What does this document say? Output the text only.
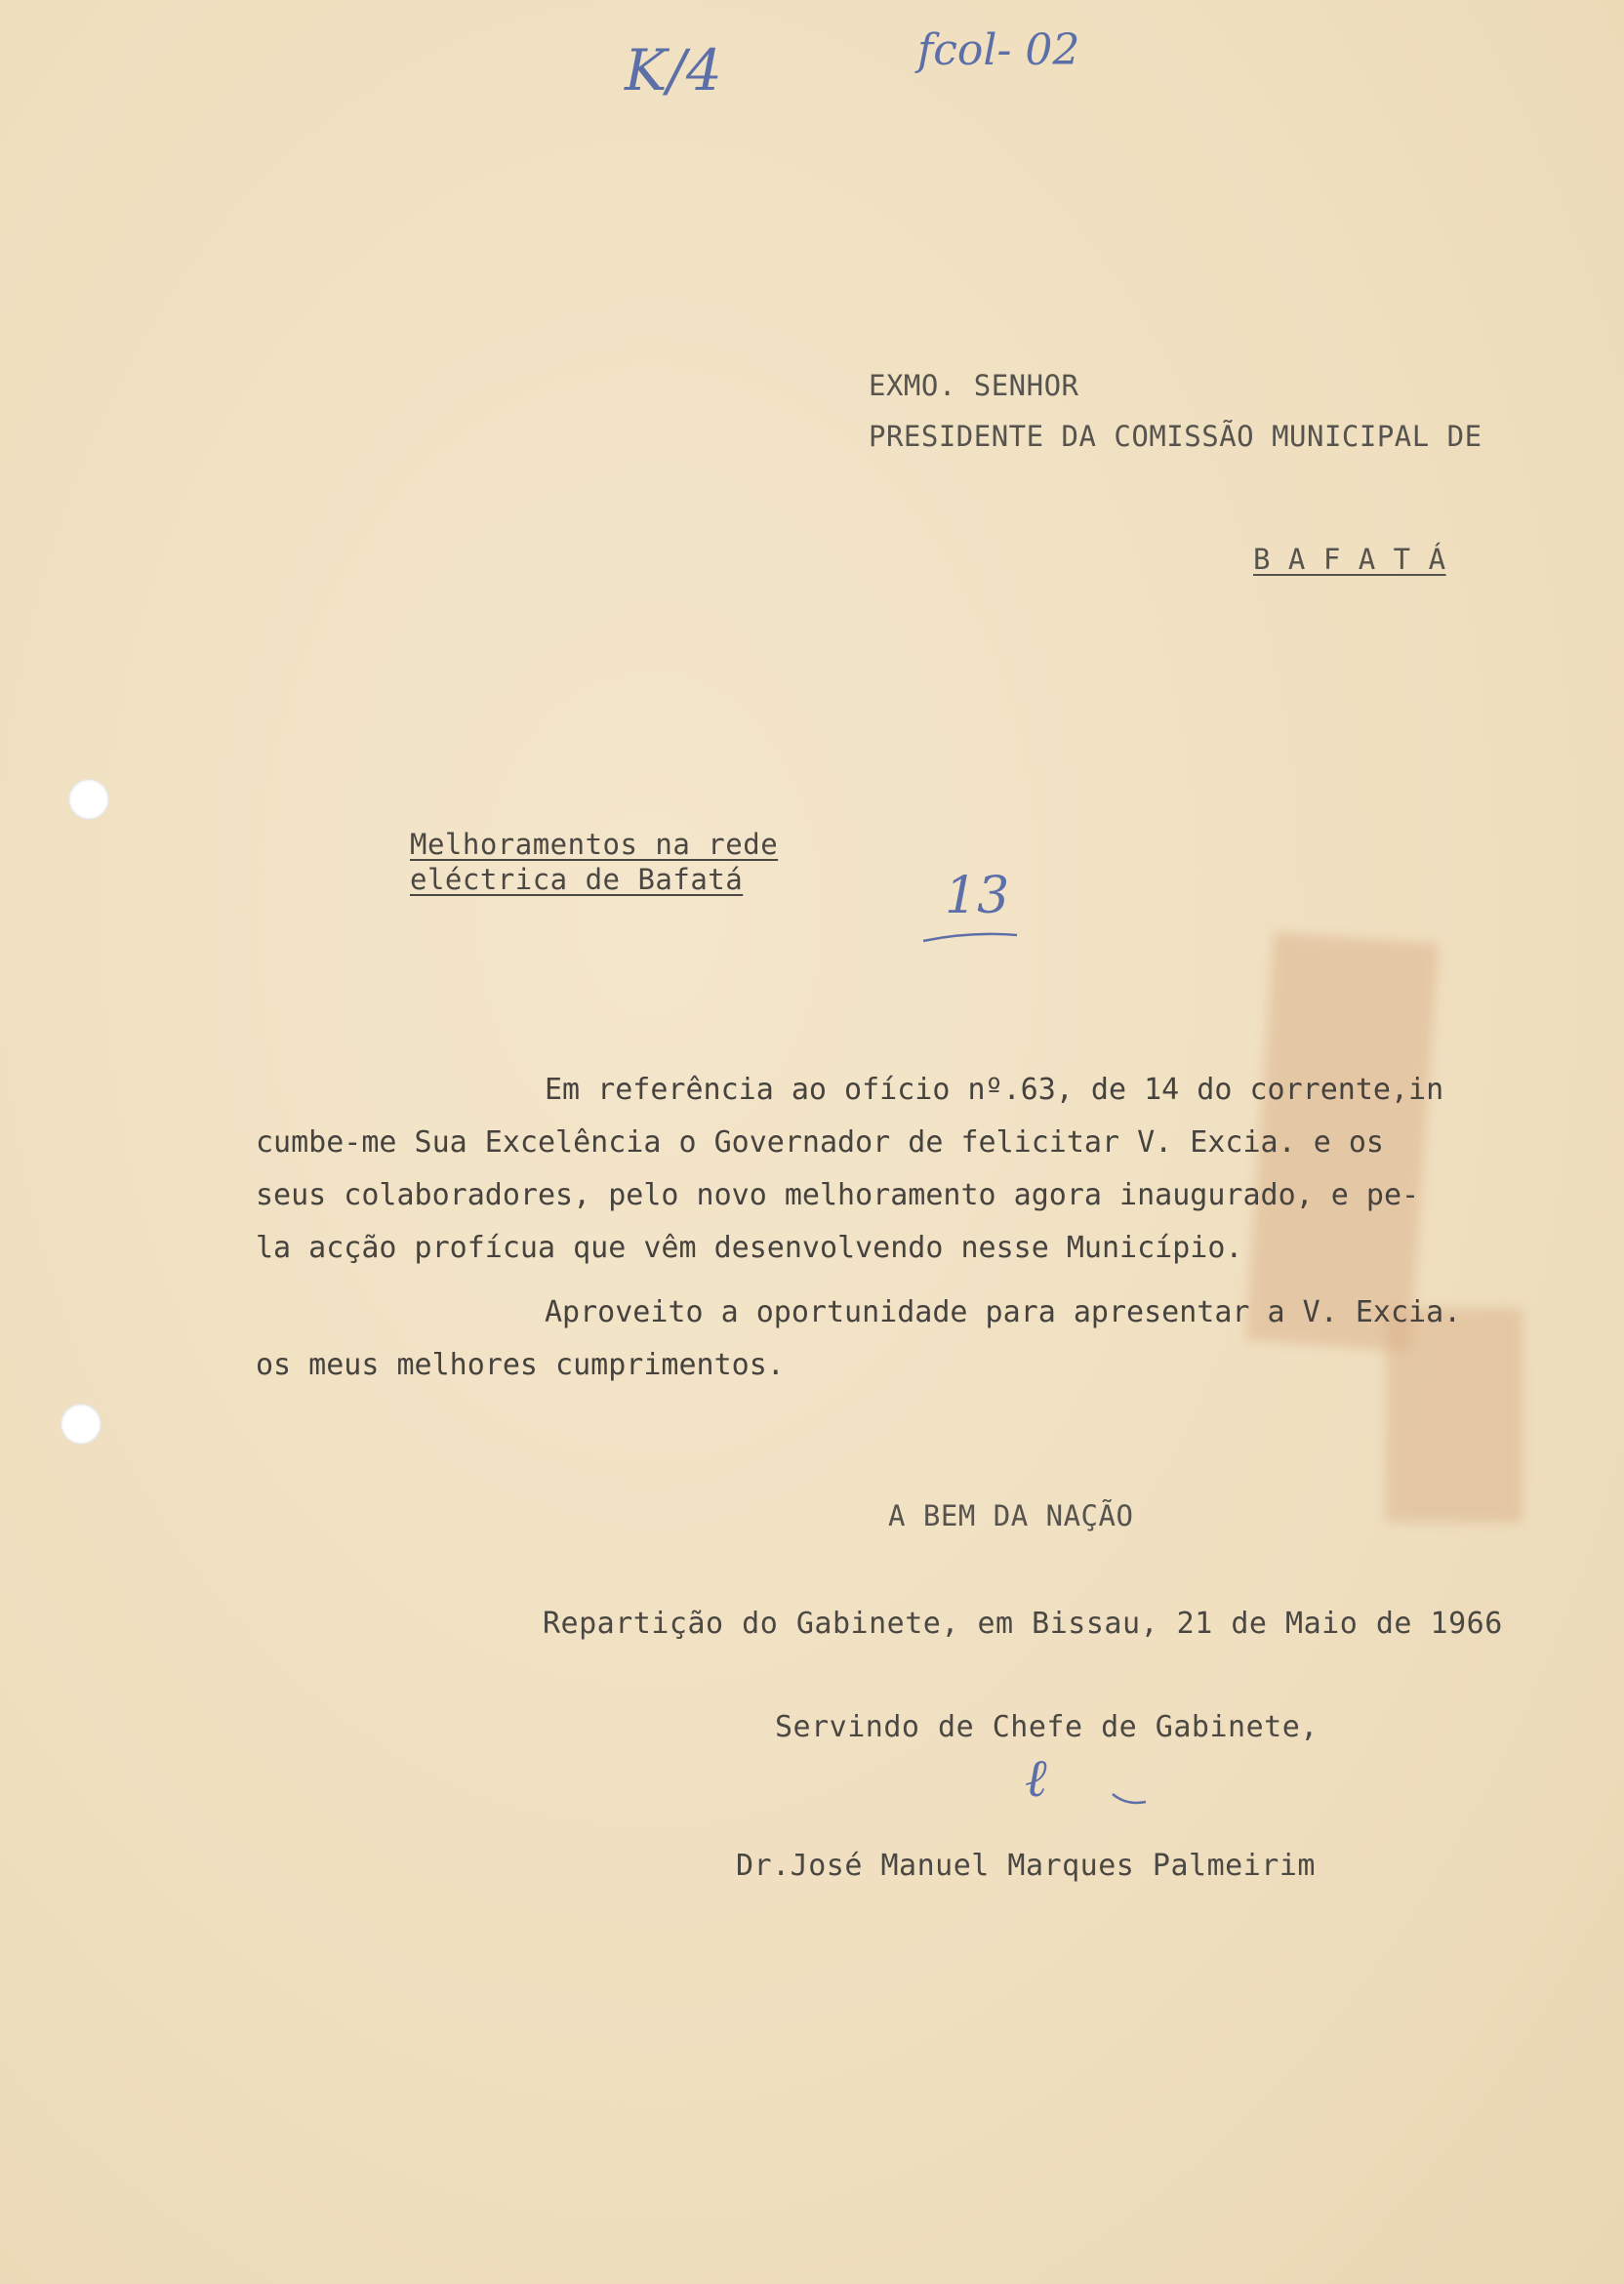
K/4	fcol- 02
13
EXMO. SENHOR
PRESIDENTE DA COMISSÃO MUNICIPAL DE
B A F A T Á
Melhoramentos na rede
eléctrica de Bafatá
Em referência ao ofício nº.63, de 14 do corrente,in
cumbe-me Sua Excelência o Governador de felicitar V. Excia. e os
seus colaboradores, pelo novo melhoramento agora inaugurado, e pe-
la acção profícua que vêm desenvolvendo nesse Município.
Aproveito a oportunidade para apresentar a V. Excia.
os meus melhores cumprimentos.
A BEM DA NAÇÃO
Repartição do Gabinete, em Bissau, 21 de Maio de 1966
Servindo de Chefe de Gabinete,
ℓ
Dr.José Manuel Marques Palmeirim
